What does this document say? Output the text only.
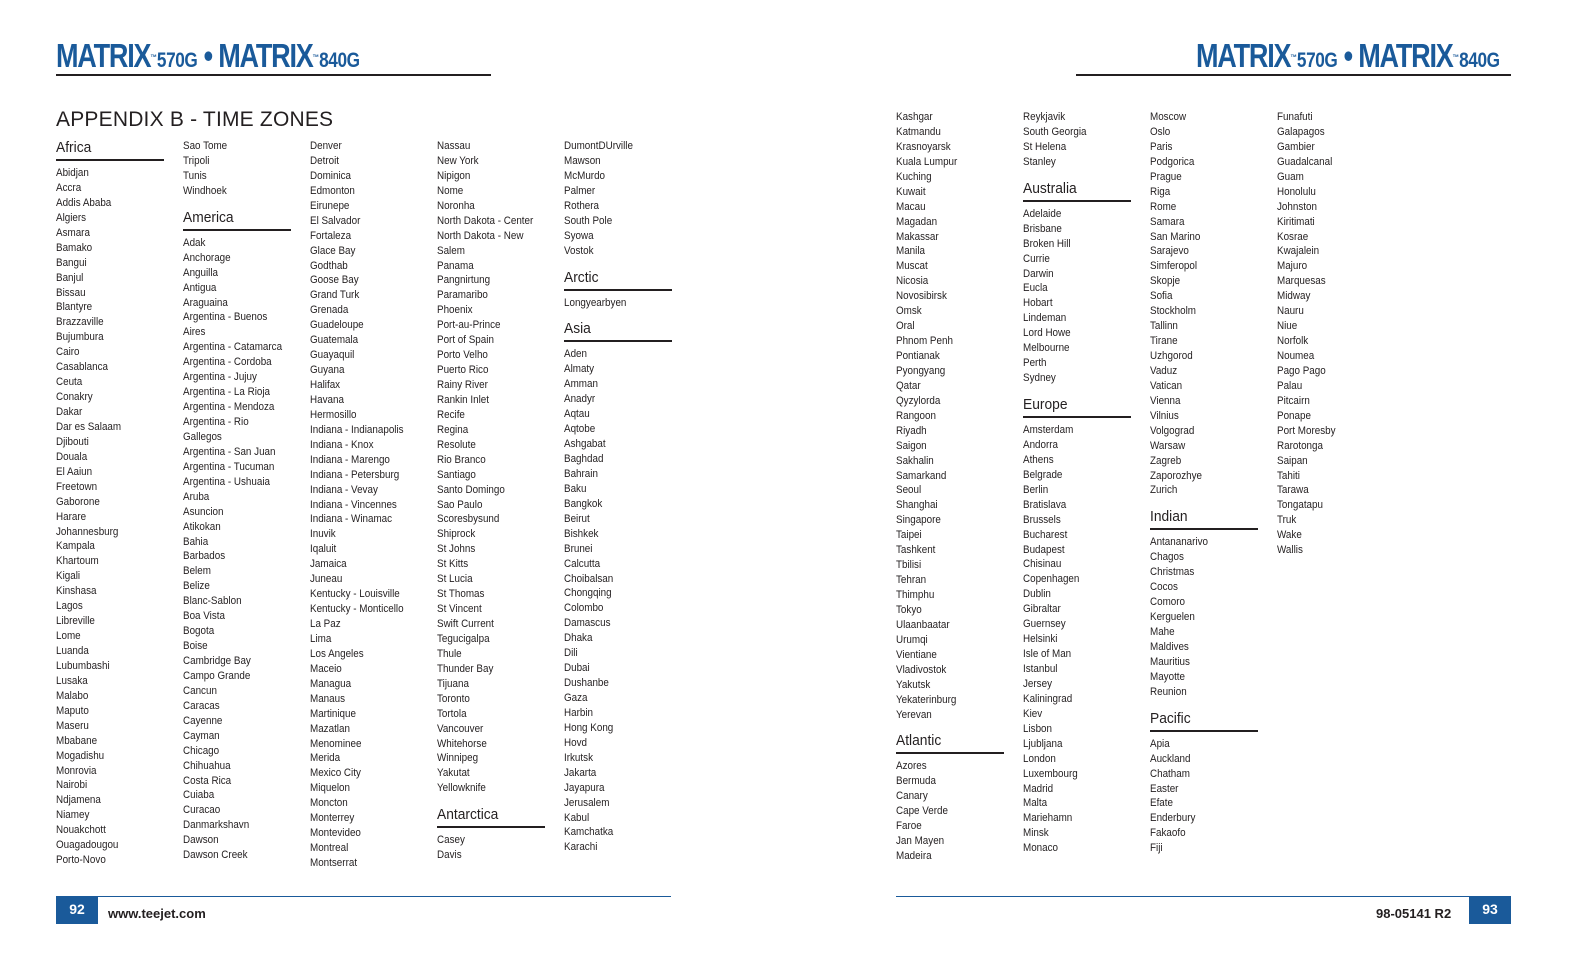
MATRIX™570G • MATRIX™840G	MATRIX™570G • MATRIX™840G
APPENDIX B - TIME ZONES
Africa
Abidjan
Accra
Addis Ababa
Algiers
Asmara
Bamako
Bangui
Banjul
Bissau
Blantyre
Brazzaville
Bujumbura
Cairo
Casablanca
Ceuta
Conakry
Dakar
Dar es Salaam
Djibouti
Douala
El Aaiun
Freetown
Gaborone
Harare
Johannesburg
Kampala
Khartoum
Kigali
Kinshasa
Lagos
Libreville
Lome
Luanda
Lubumbashi
Lusaka
Malabo
Maputo
Maseru
Mbabane
Mogadishu
Monrovia
Nairobi
Ndjamena
Niamey
Nouakchott
Ouagadougou
Porto-Novo
Sao Tome
Tripoli
Tunis
Windhoek
America
Adak
Anchorage
Anguilla
Antigua
Araguaina
Argentina - Buenos
Aires
Argentina - Catamarca
Argentina - Cordoba
Argentina - Jujuy
Argentina - La Rioja
Argentina - Mendoza
Argentina - Rio
Gallegos
Argentina - San Juan
Argentina - Tucuman
Argentina - Ushuaia
Aruba
Asuncion
Atikokan
Bahia
Barbados
Belem
Belize
Blanc-Sablon
Boa Vista
Bogota
Boise
Cambridge Bay
Campo Grande
Cancun
Caracas
Cayenne
Cayman
Chicago
Chihuahua
Costa Rica
Cuiaba
Curacao
Danmarkshavn
Dawson
Dawson Creek
Denver
Detroit
Dominica
Edmonton
Eirunepe
El Salvador
Fortaleza
Glace Bay
Godthab
Goose Bay
Grand Turk
Grenada
Guadeloupe
Guatemala
Guayaquil
Guyana
Halifax
Havana
Hermosillo
Indiana - Indianapolis
Indiana - Knox
Indiana - Marengo
Indiana - Petersburg
Indiana - Vevay
Indiana - Vincennes
Indiana - Winamac
Inuvik
Iqaluit
Jamaica
Juneau
Kentucky - Louisville
Kentucky - Monticello
La Paz
Lima
Los Angeles
Maceio
Managua
Manaus
Martinique
Mazatlan
Menominee
Merida
Mexico City
Miquelon
Moncton
Monterrey
Montevideo
Montreal
Montserrat
Nassau
New York
Nipigon
Nome
Noronha
North Dakota - Center
North Dakota - New
Salem
Panama
Pangnirtung
Paramaribo
Phoenix
Port-au-Prince
Port of Spain
Porto Velho
Puerto Rico
Rainy River
Rankin Inlet
Recife
Regina
Resolute
Rio Branco
Santiago
Santo Domingo
Sao Paulo
Scoresbysund
Shiprock
St Johns
St Kitts
St Lucia
St Thomas
St Vincent
Swift Current
Tegucigalpa
Thule
Thunder Bay
Tijuana
Toronto
Tortola
Vancouver
Whitehorse
Winnipeg
Yakutat
Yellowknife
Antarctica
Casey
Davis
DumontDUrville
Mawson
McMurdo
Palmer
Rothera
South Pole
Syowa
Vostok
Arctic
Longyearbyen
Asia
Aden
Almaty
Amman
Anadyr
Aqtau
Aqtobe
Ashgabat
Baghdad
Bahrain
Baku
Bangkok
Beirut
Bishkek
Brunei
Calcutta
Choibalsan
Chongqing
Colombo
Damascus
Dhaka
Dili
Dubai
Dushanbe
Gaza
Harbin
Hong Kong
Hovd
Irkutsk
Jakarta
Jayapura
Jerusalem
Kabul
Kamchatka
Karachi
Kashgar
Katmandu
Krasnoyarsk
Kuala Lumpur
Kuching
Kuwait
Macau
Magadan
Makassar
Manila
Muscat
Nicosia
Novosibirsk
Omsk
Oral
Phnom Penh
Pontianak
Pyongyang
Qatar
Qyzylorda
Rangoon
Riyadh
Saigon
Sakhalin
Samarkand
Seoul
Shanghai
Singapore
Taipei
Tashkent
Tbilisi
Tehran
Thimphu
Tokyo
Ulaanbaatar
Urumqi
Vientiane
Vladivostok
Yakutsk
Yekaterinburg
Yerevan
Atlantic
Azores
Bermuda
Canary
Cape Verde
Faroe
Jan Mayen
Madeira
Reykjavik
South Georgia
St Helena
Stanley
Australia
Adelaide
Brisbane
Broken Hill
Currie
Darwin
Eucla
Hobart
Lindeman
Lord Howe
Melbourne
Perth
Sydney
Europe
Amsterdam
Andorra
Athens
Belgrade
Berlin
Bratislava
Brussels
Bucharest
Budapest
Chisinau
Copenhagen
Dublin
Gibraltar
Guernsey
Helsinki
Isle of Man
Istanbul
Jersey
Kaliningrad
Kiev
Lisbon
Ljubljana
London
Luxembourg
Madrid
Malta
Mariehamn
Minsk
Monaco
Moscow
Oslo
Paris
Podgorica
Prague
Riga
Rome
Samara
San Marino
Sarajevo
Simferopol
Skopje
Sofia
Stockholm
Tallinn
Tirane
Uzhgorod
Vaduz
Vatican
Vienna
Vilnius
Volgograd
Warsaw
Zagreb
Zaporozhye
Zurich
Indian
Antananarivo
Chagos
Christmas
Cocos
Comoro
Kerguelen
Mahe
Maldives
Mauritius
Mayotte
Reunion
Pacific
Apia
Auckland
Chatham
Easter
Efate
Enderbury
Fakaofo
Fiji
Funafuti
Galapagos
Gambier
Guadalcanal
Guam
Honolulu
Johnston
Kiritimati
Kosrae
Kwajalein
Majuro
Marquesas
Midway
Nauru
Niue
Norfolk
Noumea
Pago Pago
Palau
Pitcairn
Ponape
Port Moresby
Rarotonga
Saipan
Tahiti
Tarawa
Tongatapu
Truk
Wake
Wallis
92	www.teejet.com	98-05141 R2	93
